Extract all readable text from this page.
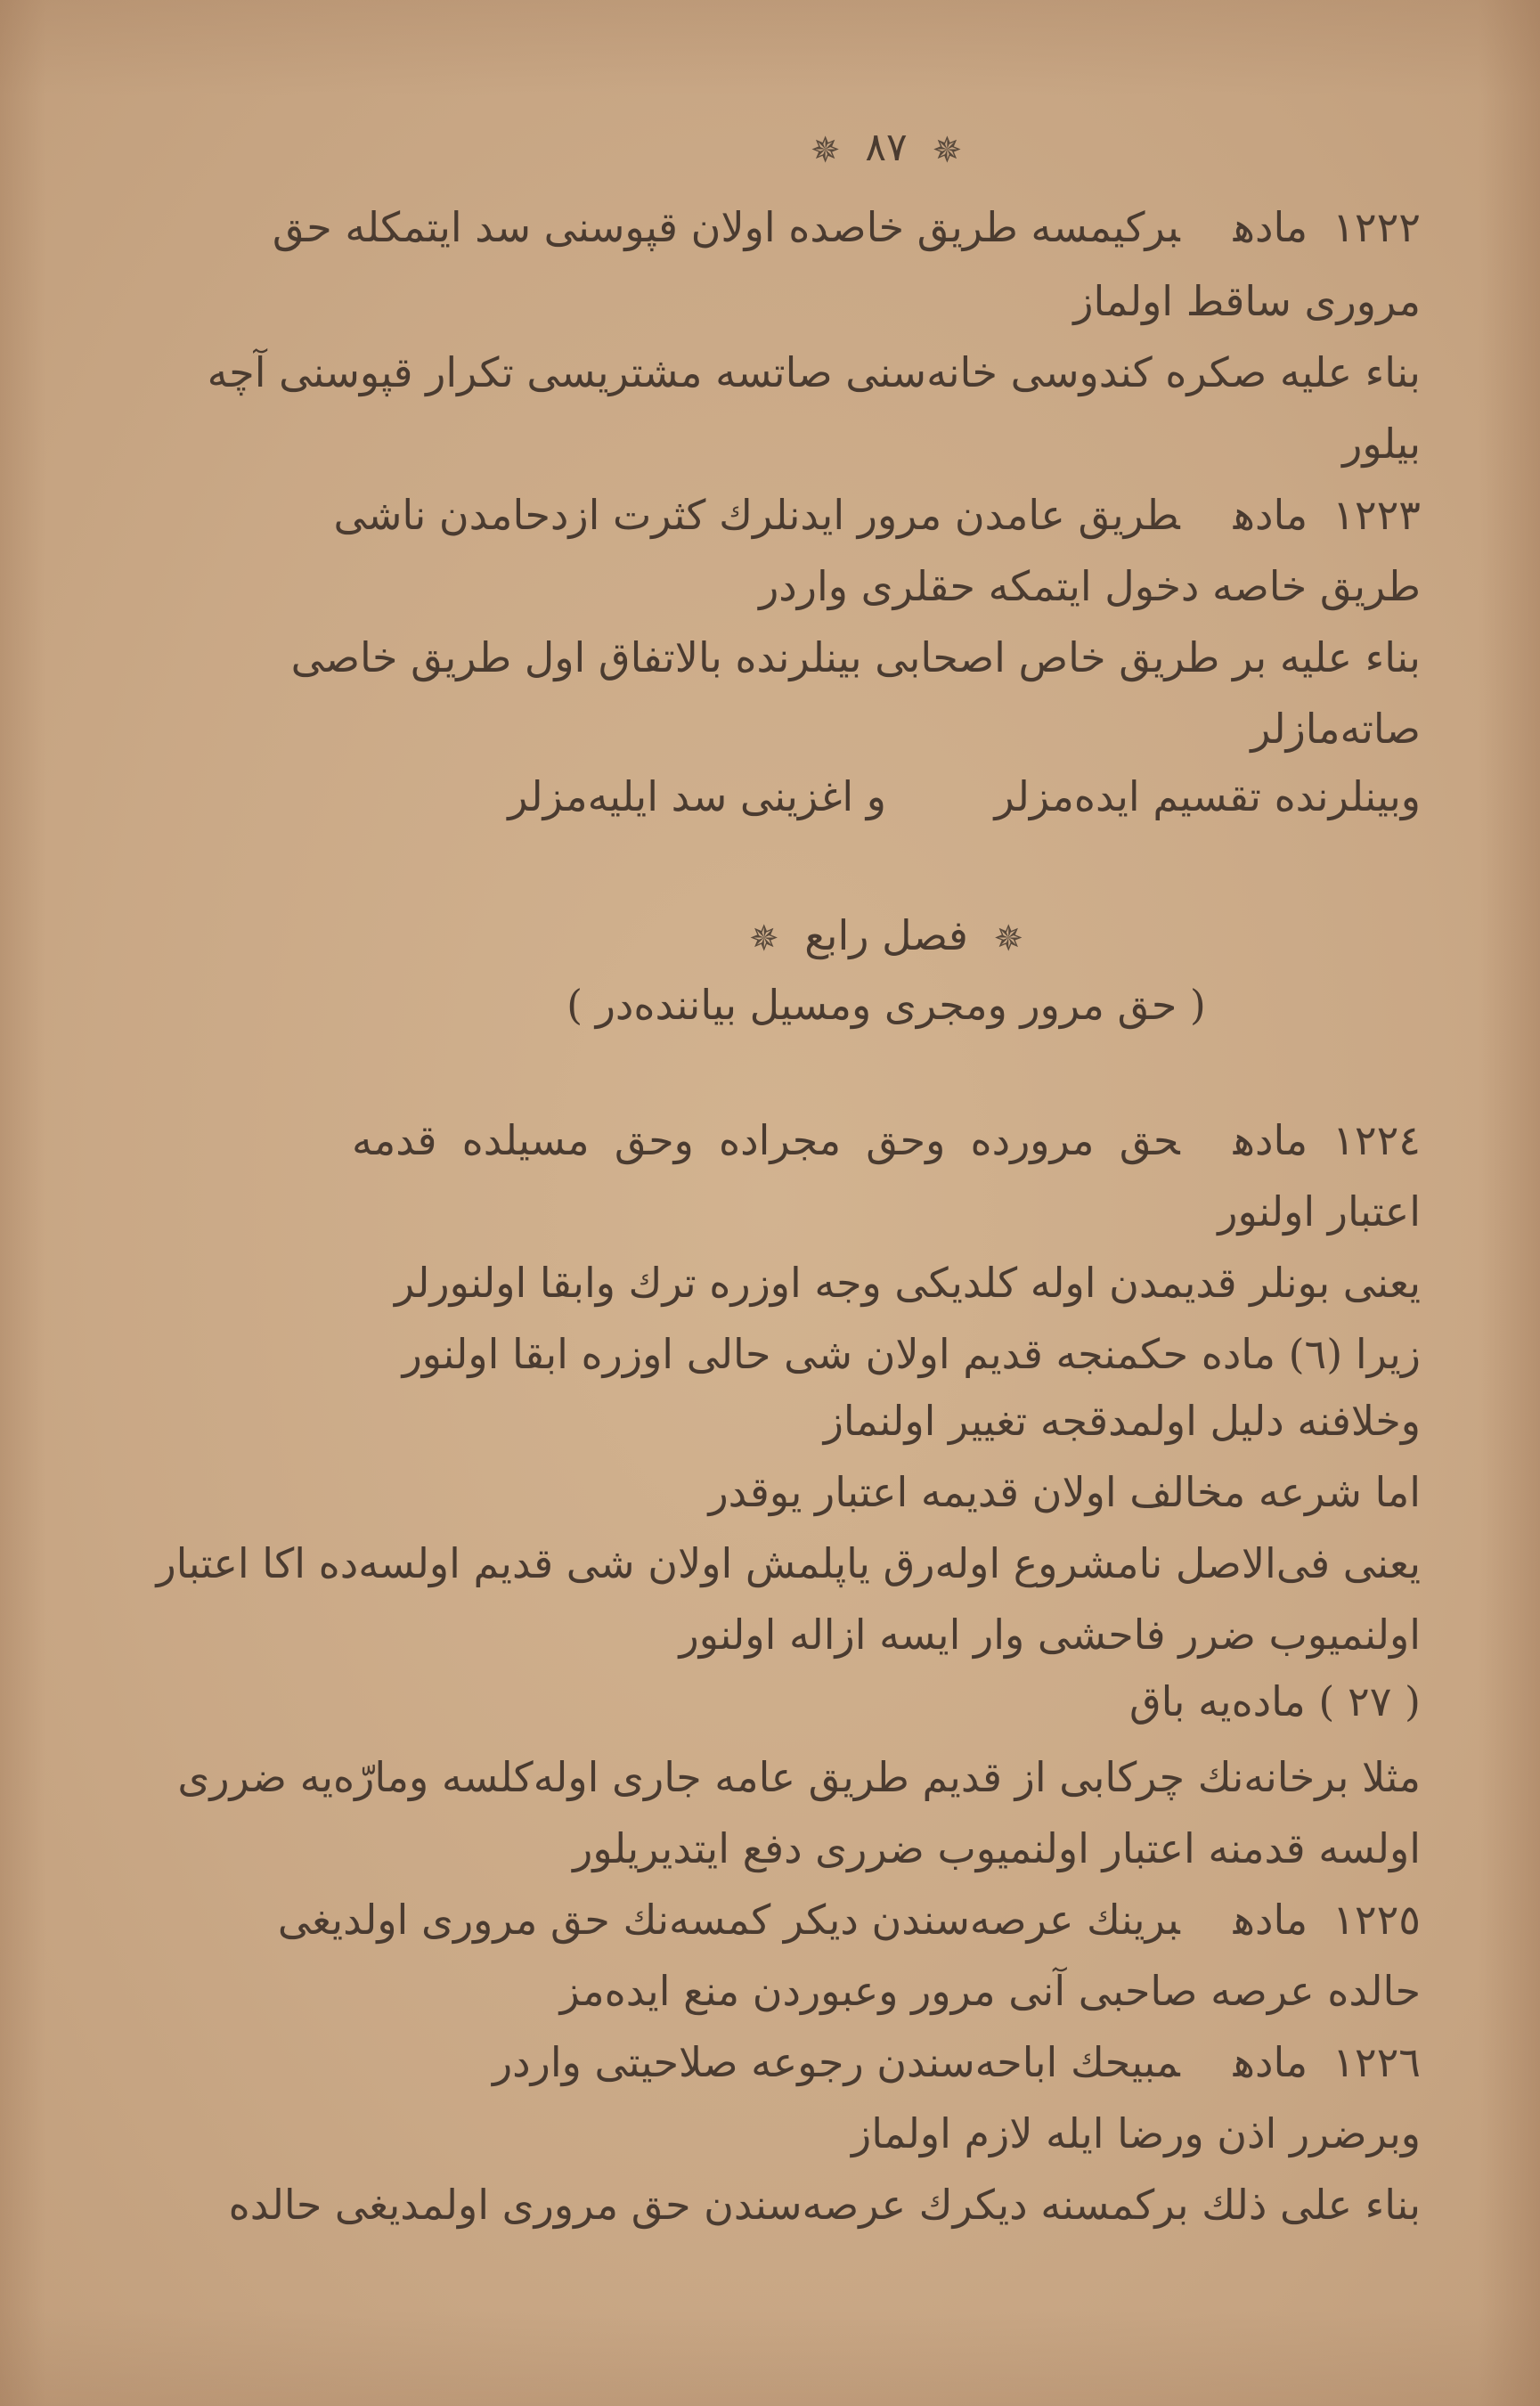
✵ ٨٧ ✵
١٢٢٢مادهبركيمسه طريق خاصده اولان قپوسنى سد ايتمكله حق
مرورى ساقط اولماز
بناء عليه صكره كندوسى خانه‌سنى صاتسه مشتريسى تكرار قپوسنى آچه
بيلور
١٢٢٣مادهطريق عامدن مرور ايدنلرك كثرت ازدحامدن ناشى
طريق خاصه دخول ايتمكه حقلرى واردر
بناء عليه بر طريق خاص اصحابى بينلرنده بالاتفاق اول طريق خاصى
صاته‌مازلر
وبينلرنده تقسيم ايده‌مزلر
و اغزينى سد ايليه‌مزلر
✵ فصل رابع ✵
( حق مرور ومجرى ومسيل بياننده‌در )
١٢٢٤مادهحق مرورده وحق مجراده وحق مسيلده قدمه
اعتبار اولنور
يعنى بونلر قديمدن اوله كلديكى وجه اوزره ترك وابقا اولنورلر
زيرا (٦) ماده حكمنجه قديم اولان شى حالى اوزره ابقا اولنور
وخلافنه دليل اولمدقجه تغيير اولنماز
اما شرعه مخالف اولان قديمه اعتبار يوقدر
يعنى فى‌الاصل نامشروع اوله‌رق ياپلمش اولان شى قديم اولسه‌ده اكا اعتبار
اولنميوب ضرر فاحشى وار ايسه ازاله اولنور
( ٢٧ ) ماده‌يه باق
مثلا برخانه‌نك چركابى از قديم طريق عامه جارى اوله‌كلسه ومارّه‌يه ضررى
اولسه قدمنه اعتبار اولنميوب ضررى دفع ايتديريلور
١٢٢٥مادهبرينك عرصه‌سندن ديكر كمسه‌نك حق مرورى اولديغى
حالده عرصه صاحبى آنى مرور وعبوردن منع ايده‌مز
١٢٢٦مادهمبيحك اباحه‌سندن رجوعه صلاحيتى واردر
وبرضرر اذن ورضا ايله لازم اولماز
بناء على ذلك بركمسنه ديكرك عرصه‌سندن حق مرورى اولمديغى حالده
